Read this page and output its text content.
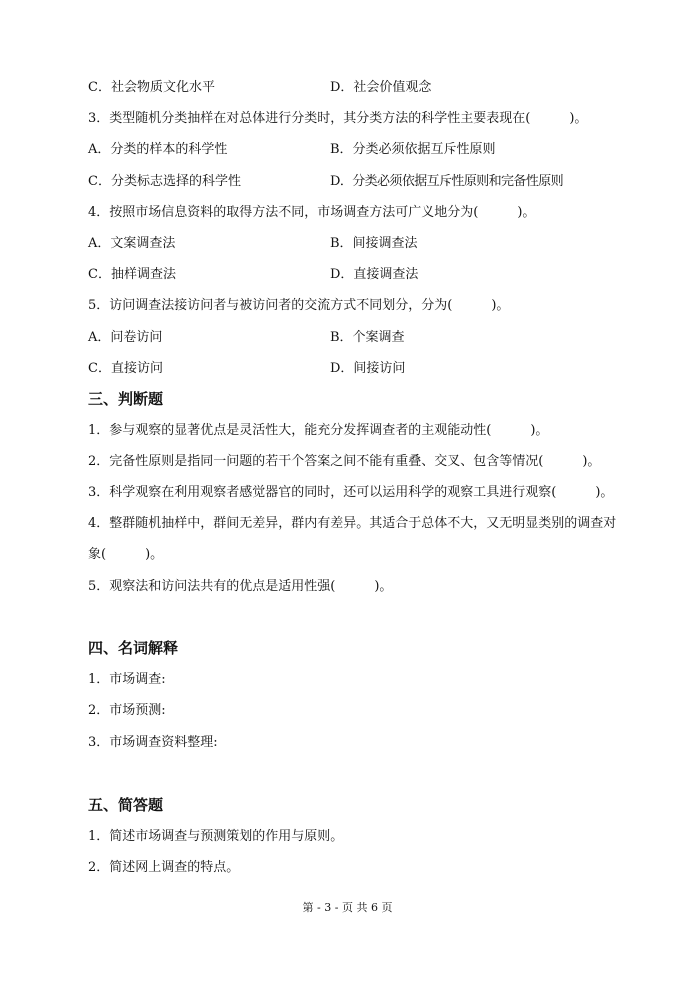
C．社会物质文化水平	D．社会价值观念
3．类型随机分类抽样在对总体进行分类时，其分类方法的科学性主要表现在(　　　)。
A．分类的样本的科学性	B．分类必须依据互斥性原则
C．分类标志选择的科学性	D．分类必须依据互斥性原则和完备性原则
4．按照市场信息资料的取得方法不同，市场调查方法可广义地分为(　　　)。
A．文案调查法	B．间接调查法
C．抽样调查法	D．直接调查法
5．访问调查法接访问者与被访问者的交流方式不同划分，分为(　　　)。
A．问卷访问	B．个案调查
C．直接访问	D．间接访问
三、判断题
1．参与观察的显著优点是灵活性大，能充分发挥调查者的主观能动性(　　　)。
2．完备性原则是指同一问题的若干个答案之间不能有重叠、交叉、包含等情况(　　　)。
3．科学观察在利用观察者感觉器官的同时，还可以运用科学的观察工具进行观察(　　　)。
4．整群随机抽样中，群间无差异，群内有差异。其适合于总体不大，又无明显类别的调查对
象(　　　)。
5．观察法和访问法共有的优点是适用性强(　　　)。
四、名词解释
1．市场调查:
2．市场预测:
3．市场调查资料整理:
五、简答题
1．简述市场调查与预测策划的作用与原则。
2．简述网上调查的特点。
第 - 3 - 页 共 6 页
